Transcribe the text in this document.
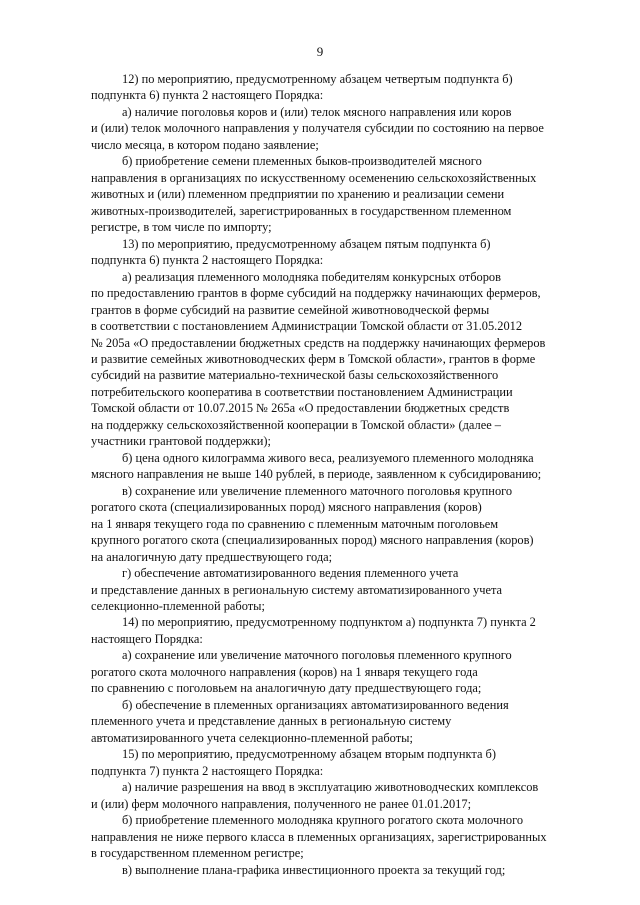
9
12) по мероприятию, предусмотренному абзацем четвертым подпункта б)
подпункта 6) пункта 2 настоящего Порядка:
а) наличие поголовья коров и (или) телок мясного направления или коров
и (или) телок молочного направления у получателя субсидии по состоянию на первое
число месяца, в котором подано заявление;
б) приобретение семени племенных быков-производителей мясного
направления в организациях по искусственному осеменению сельскохозяйственных
животных и (или) племенном предприятии по хранению и реализации семени
животных-производителей, зарегистрированных в государственном племенном
регистре, в том числе по импорту;
13) по мероприятию, предусмотренному абзацем пятым подпункта б)
подпункта 6) пункта 2 настоящего Порядка:
а) реализация племенного молодняка победителям конкурсных отборов
по предоставлению грантов в форме субсидий на поддержку начинающих фермеров,
грантов в форме субсидий на развитие семейной животноводческой фермы
в соответствии с постановлением Администрации Томской области от 31.05.2012
№ 205а «О предоставлении бюджетных средств на поддержку начинающих фермеров
и развитие семейных животноводческих ферм в Томской области», грантов в форме
субсидий на развитие материально-технической базы сельскохозяйственного
потребительского кооператива в соответствии постановлением Администрации
Томской области от 10.07.2015 № 265а «О предоставлении бюджетных средств
на поддержку сельскохозяйственной кооперации в Томской области» (далее –
участники грантовой поддержки);
б) цена одного килограмма живого веса, реализуемого племенного молодняка
мясного направления не выше 140 рублей, в периоде, заявленном к субсидированию;
в) сохранение или увеличение племенного маточного поголовья крупного
рогатого скота (специализированных пород) мясного направления (коров)
на 1 января текущего года по сравнению с племенным маточным поголовьем
крупного рогатого скота (специализированных пород) мясного направления (коров)
на аналогичную дату предшествующего года;
г) обеспечение автоматизированного ведения племенного учета
и представление данных в региональную систему автоматизированного учета
селекционно-племенной работы;
14) по мероприятию, предусмотренному подпунктом а) подпункта 7) пункта 2
настоящего Порядка:
а) сохранение или увеличение маточного поголовья племенного крупного
рогатого скота молочного направления (коров) на 1 января текущего года
по сравнению с поголовьем на аналогичную дату предшествующего года;
б) обеспечение в племенных организациях автоматизированного ведения
племенного учета и представление данных в региональную систему
автоматизированного учета селекционно-племенной работы;
15) по мероприятию, предусмотренному абзацем вторым подпункта б)
подпункта 7) пункта 2 настоящего Порядка:
а) наличие разрешения на ввод в эксплуатацию животноводческих комплексов
и (или) ферм молочного направления, полученного не ранее 01.01.2017;
б) приобретение племенного молодняка крупного рогатого скота молочного
направления не ниже первого класса в племенных организациях, зарегистрированных
в государственном племенном регистре;
в) выполнение плана-графика инвестиционного проекта за текущий год;
